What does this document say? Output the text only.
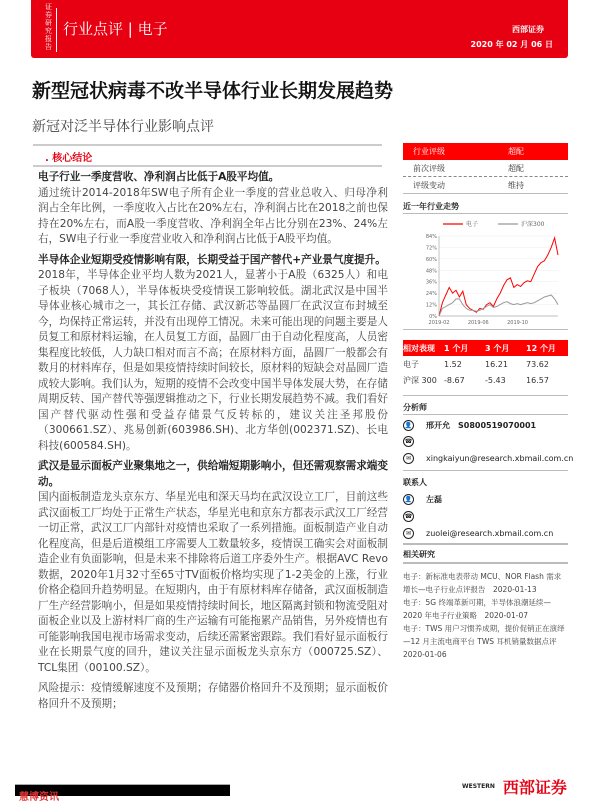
证券研究报告
行业点评 | 电子	西部证券
2020 年 02 月 06 日
新型冠状病毒不改半导体行业长期发展趋势
新冠对泛半导体行业影响点评
. 核心结论

电子行业一季度营收、净利润占比低于A股平均值。
通过统计2014-2018年SW电子所有企业一季度的营业总收入、归母净利润占全年比例，一季度收入占比在20%左右，净利润占比在2018之前也保持在20%左右，而A股一季度营收、净利润全年占比分别在23%、24%左右，SW电子行业一季度营业收入和净利润占比低于A股平均值。

半导体企业短期受疫情影响有限，长期受益于国产替代+产业景气度提升。
2018年，半导体企业平均人数为2021人，显著小于A股（6325人）和电子板块（7068人），半导体板块受疫情误工影响较低。湖北武汉是中国半导体业核心城市之一，其长江存储、武汉新芯等晶圆厂在武汉宣布封城至今，均保持正常运转，并没有出现停工情况。未来可能出现的问题主要是人员复工和原材料运输，在人员复工方面，晶圆厂由于自动化程度高，人员密集程度比较低，人力缺口相对而言不高；在原材料方面，晶圆厂一般都会有数月的材料库存，但是如果疫情持续时间较长，原材料的短缺会对晶圆厂造成较大影响。我们认为，短期的疫情不会改变中国半导体发展大势，在存储周期反转、国产替代等强逻辑推动之下，行业长期发展趋势不减。我们看好国产替代驱动性强和受益存储景气反转标的，建议关注圣邦股份（300661.SZ）、兆易创新(603986.SH)、北方华创(002371.SZ)、长电科技(600584.SH)。

武汉是显示面板产业聚集地之一，供给端短期影响小，但还需观察需求端变动。
国内面板制造龙头京东方、华星光电和深天马均在武汉设立工厂，目前这些武汉面板工厂均处于正常生产状态，华星光电和京东方都表示武汉工厂经营一切正常，武汉工厂内部针对疫情也采取了一系列措施。面板制造产业自动化程度高，但是后道模组工序需要人工数量较多，疫情误工确实会对面板制造企业有负面影响，但是未来不排除将后道工序委外生产。根据AVC Revo数据，2020年1月32寸至65寸TV面板价格均实现了1-2美金的上涨，行业价格企稳回升趋势明显。在短期内，由于有原材料库存储备，武汉面板制造厂生产经营影响小，但是如果疫情持续时间长，地区隔离封锁和物流受阻对面板企业以及上游材料厂商的生产运输有可能拖累产品销售，另外疫情也有可能影响我国电视市场需求变动，后续还需紧密跟踪。我们看好显示面板行业在长期景气度的回升，建议关注显示面板龙头京东方（000725.SZ）、TCL集团（00100.SZ）。

风险提示：疫情缓解速度不及预期；存储器价格回升不及预期；显示面板价格回升不及预期；

行业评级	超配
前次评级	超配
评级变动	维持
近一年行业走势
0%
12%
24%
36%
48%
60%
72%
84%
2019-02	2019-06	2019-10
电子	沪深300
相对表现	1 个月	3 个月	12 个月
电子	1.52	16.21	73.62
沪深 300 -8.67	-5.43	16.57
分析师
👤 邢开允　 S0800519070001
☎
✉ xingkaiyun@research.xbmail.com.cn
联系人
👤 左磊
☎
✉ zuolei@research.xbmail.com.cn
相关研究
电子：新标准电表带动 MCU、NOR Flash 需求增长—电子行业点评报告　2020-01-13
电子：5G 终端革新可期，半导体浪潮延续—2020 年电子行业策略　2020-01-07
电子：TWS 用户习惯养成期，提价促销正在演绎—12 月主流电商平台 TWS 耳机销量数据点评　2020-01-06
WESTERN 西部证券
慧博资讯
